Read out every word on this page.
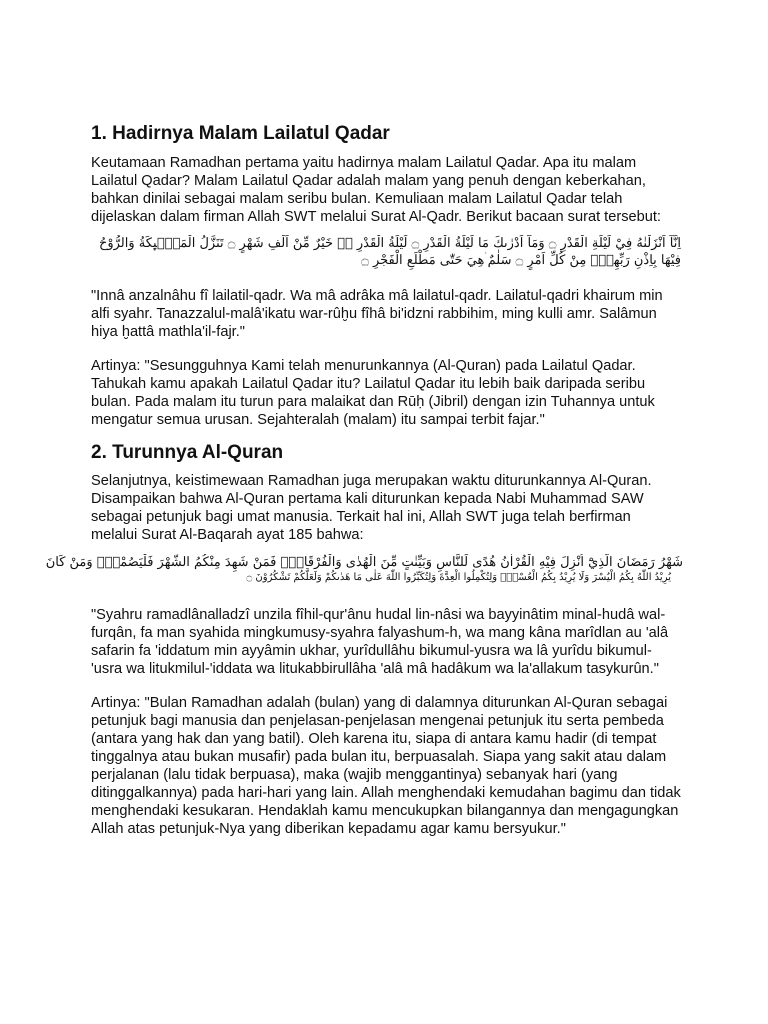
1. Hadirnya Malam Lailatul Qadar

Keutamaan Ramadhan pertama yaitu hadirnya malam Lailatul Qadar. Apa itu malam Lailatul Qadar? Malam Lailatul Qadar adalah malam yang penuh dengan keberkahan, bahkan dinilai sebagai malam seribu bulan. Kemuliaan malam Lailatul Qadar telah dijelaskan dalam firman Allah SWT melalui Surat Al-Qadr. Berikut bacaan surat tersebut:

اِنَّآ اَنْزَلْنٰهُ فِيْ لَيْلَةِ الْقَدْرِ ۝ وَمَآ اَدْرٰىكَ مَا لَيْلَةُ الْقَدْرِ ۝ لَيْلَةُ الْقَدْرِ ەۙ خَيْرٌ مِّنْ اَلْفِ شَهْرٍ ۝ تَنَزَّلُ الْمَلٰۤىِٕكَةُ وَالرُّوْحُ فِيْهَا بِاِذْنِ رَبِّهِمْۚ مِنْ كُلِّ اَمْرٍ ۝ سَلٰمٌ ۛهِيَ حَتّٰى مَطْلَعِ الْفَجْرِ ۝

"Innâ anzalnâhu fî lailatil-qadr. Wa mâ adrâka mâ lailatul-qadr. Lailatul-qadri khairum min alfi syahr. Tanazzalul-malâ'ikatu war-rûḫu fîhâ bi'idzni rabbihim, ming kulli amr. Salâmun hiya ḫattâ mathla'il-fajr."

Artinya: "Sesungguhnya Kami telah menurunkannya (Al-Quran) pada Lailatul Qadar. Tahukah kamu apakah Lailatul Qadar itu? Lailatul Qadar itu lebih baik daripada seribu bulan. Pada malam itu turun para malaikat dan Rūḥ (Jibril) dengan izin Tuhannya untuk mengatur semua urusan. Sejahteralah (malam) itu sampai terbit fajar."

2. Turunnya Al-Quran

Selanjutnya, keistimewaan Ramadhan juga merupakan waktu diturunkannya Al-Quran. Disampaikan bahwa Al-Quran pertama kali diturunkan kepada Nabi Muhammad SAW sebagai petunjuk bagi umat manusia. Terkait hal ini, Allah SWT juga telah berfirman melalui Surat Al-Baqarah ayat 185 bahwa:

شَهْرُ رَمَضَانَ الَّذِيْٓ اُنْزِلَ فِيْهِ الْقُرْاٰنُ هُدًى لِّلنَّاسِ وَبَيِّنٰتٍ مِّنَ الْهُدٰى وَالْفُرْقَانِۚ فَمَنْ شَهِدَ مِنْكُمُ الشَّهْرَ فَلْيَصُمْهُۗ وَمَنْ كَانَ
يُرِيْدُ اللّٰهُ بِكُمُ الْيُسْرَ وَلَا يُرِيْدُ بِكُمُ الْعُسْرَۖ وَلِتُكْمِلُوا الْعِدَّةَ وَلِتُكَبِّرُوا اللّٰهَ عَلٰى مَا هَدٰىكُمْ وَلَعَلَّكُمْ تَشْكُرُوْنَ ۝

"Syahru ramadlânalladzî unzila fîhil-qur'ânu hudal lin-nâsi wa bayyinâtim minal-hudâ wal-furqân, fa man syahida mingkumusy-syahra falyashum-h, wa mang kâna marîdlan au 'alâ safarin fa 'iddatum min ayyâmin ukhar, yurîdullâhu bikumul-yusra wa lâ yurîdu bikumul-'usra wa litukmilul-'iddata wa litukabbirullâha 'alâ mâ hadâkum wa la'allakum tasykurûn."

Artinya: "Bulan Ramadhan adalah (bulan) yang di dalamnya diturunkan Al-Quran sebagai petunjuk bagi manusia dan penjelasan-penjelasan mengenai petunjuk itu serta pembeda (antara yang hak dan yang batil). Oleh karena itu, siapa di antara kamu hadir (di tempat tinggalnya atau bukan musafir) pada bulan itu, berpuasalah. Siapa yang sakit atau dalam perjalanan (lalu tidak berpuasa), maka (wajib menggantinya) sebanyak hari (yang ditinggalkannya) pada hari-hari yang lain. Allah menghendaki kemudahan bagimu dan tidak menghendaki kesukaran. Hendaklah kamu mencukupkan bilangannya dan mengagungkan Allah atas petunjuk-Nya yang diberikan kepadamu agar kamu bersyukur."
